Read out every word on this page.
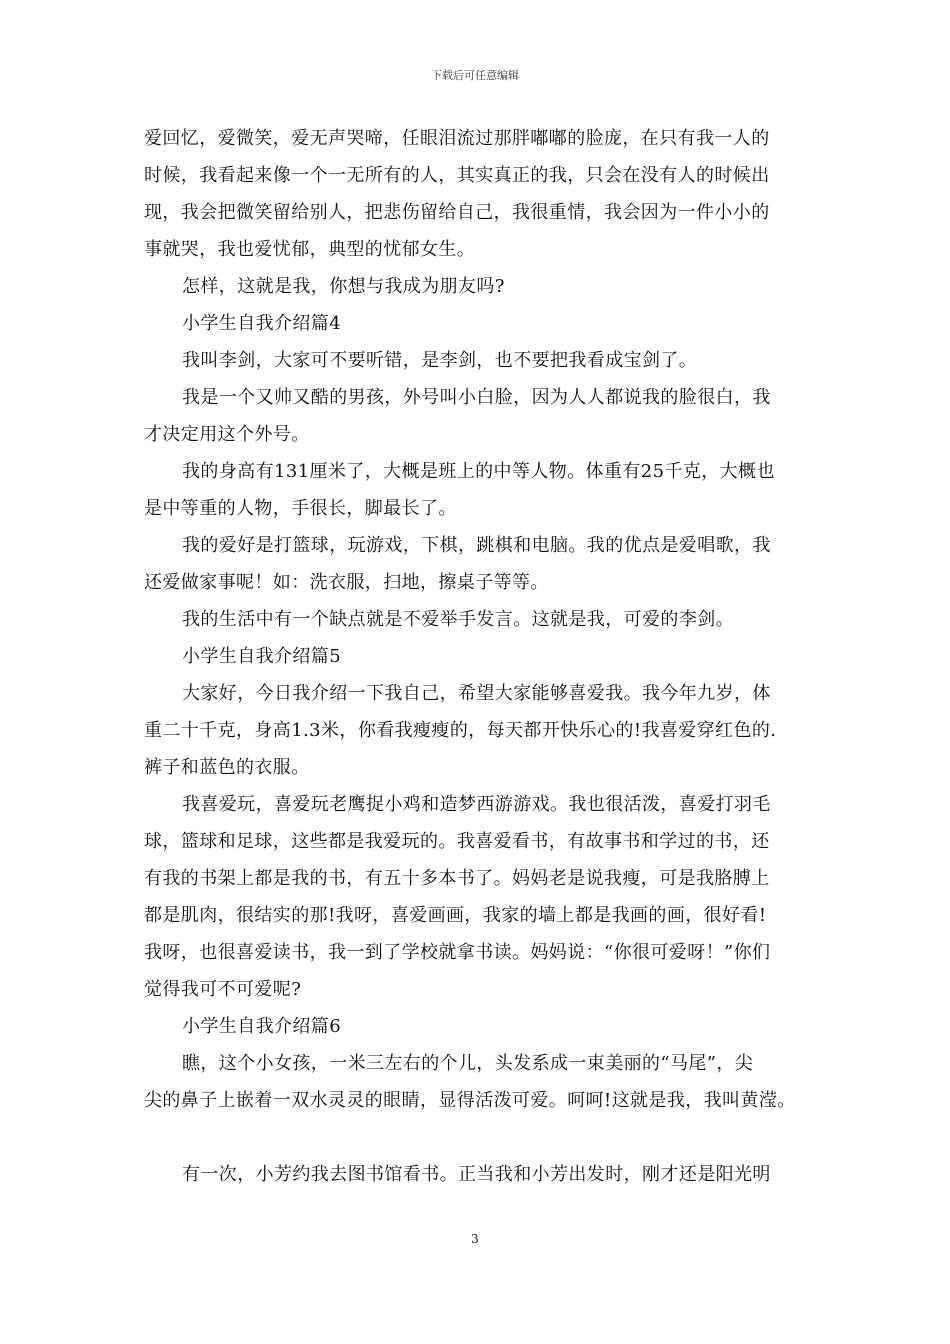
下载后可任意编辑
爱回忆，爱微笑，爱无声哭啼，任眼泪流过那胖嘟嘟的脸庞，在只有我一人的
时候，我看起来像一个一无所有的人，其实真正的我，只会在没有人的时候出
现，我会把微笑留给别人，把悲伤留给自己，我很重情，我会因为一件小小的
事就哭，我也爱忧郁，典型的忧郁女生。
怎样，这就是我，你想与我成为朋友吗?
小学生自我介绍篇4
我叫李剑，大家可不要听错，是李剑，也不要把我看成宝剑了。
我是一个又帅又酷的男孩，外号叫小白脸，因为人人都说我的脸很白，我
才决定用这个外号。
我的身高有131厘米了，大概是班上的中等人物。体重有25千克，大概也
是中等重的人物，手很长，脚最长了。
我的爱好是打篮球，玩游戏，下棋，跳棋和电脑。我的优点是爱唱歌，我
还爱做家事呢！如：洗衣服，扫地，擦桌子等等。
我的生活中有一个缺点就是不爱举手发言。这就是我，可爱的李剑。
小学生自我介绍篇5
大家好，今日我介绍一下我自己，希望大家能够喜爱我。我今年九岁，体
重二十千克，身高1.3米，你看我瘦瘦的，每天都开快乐心的!我喜爱穿红色的.
裤子和蓝色的衣服。
我喜爱玩，喜爱玩老鹰捉小鸡和造梦西游游戏。我也很活泼，喜爱打羽毛
球，篮球和足球，这些都是我爱玩的。我喜爱看书，有故事书和学过的书，还
有我的书架上都是我的书，有五十多本书了。妈妈老是说我瘦，可是我胳膊上
都是肌肉，很结实的那!我呀，喜爱画画，我家的墙上都是我画的画，很好看!
我呀，也很喜爱读书，我一到了学校就拿书读。妈妈说：“你很可爱呀！”你们
觉得我可不可爱呢?
小学生自我介绍篇6
瞧，这个小女孩，一米三左右的个儿，头发系成一束美丽的“马尾”，尖
尖的鼻子上嵌着一双水灵灵的眼睛，显得活泼可爱。呵呵!这就是我，我叫黄滢。
有一次，小芳约我去图书馆看书。正当我和小芳出发时，刚才还是阳光明
3
